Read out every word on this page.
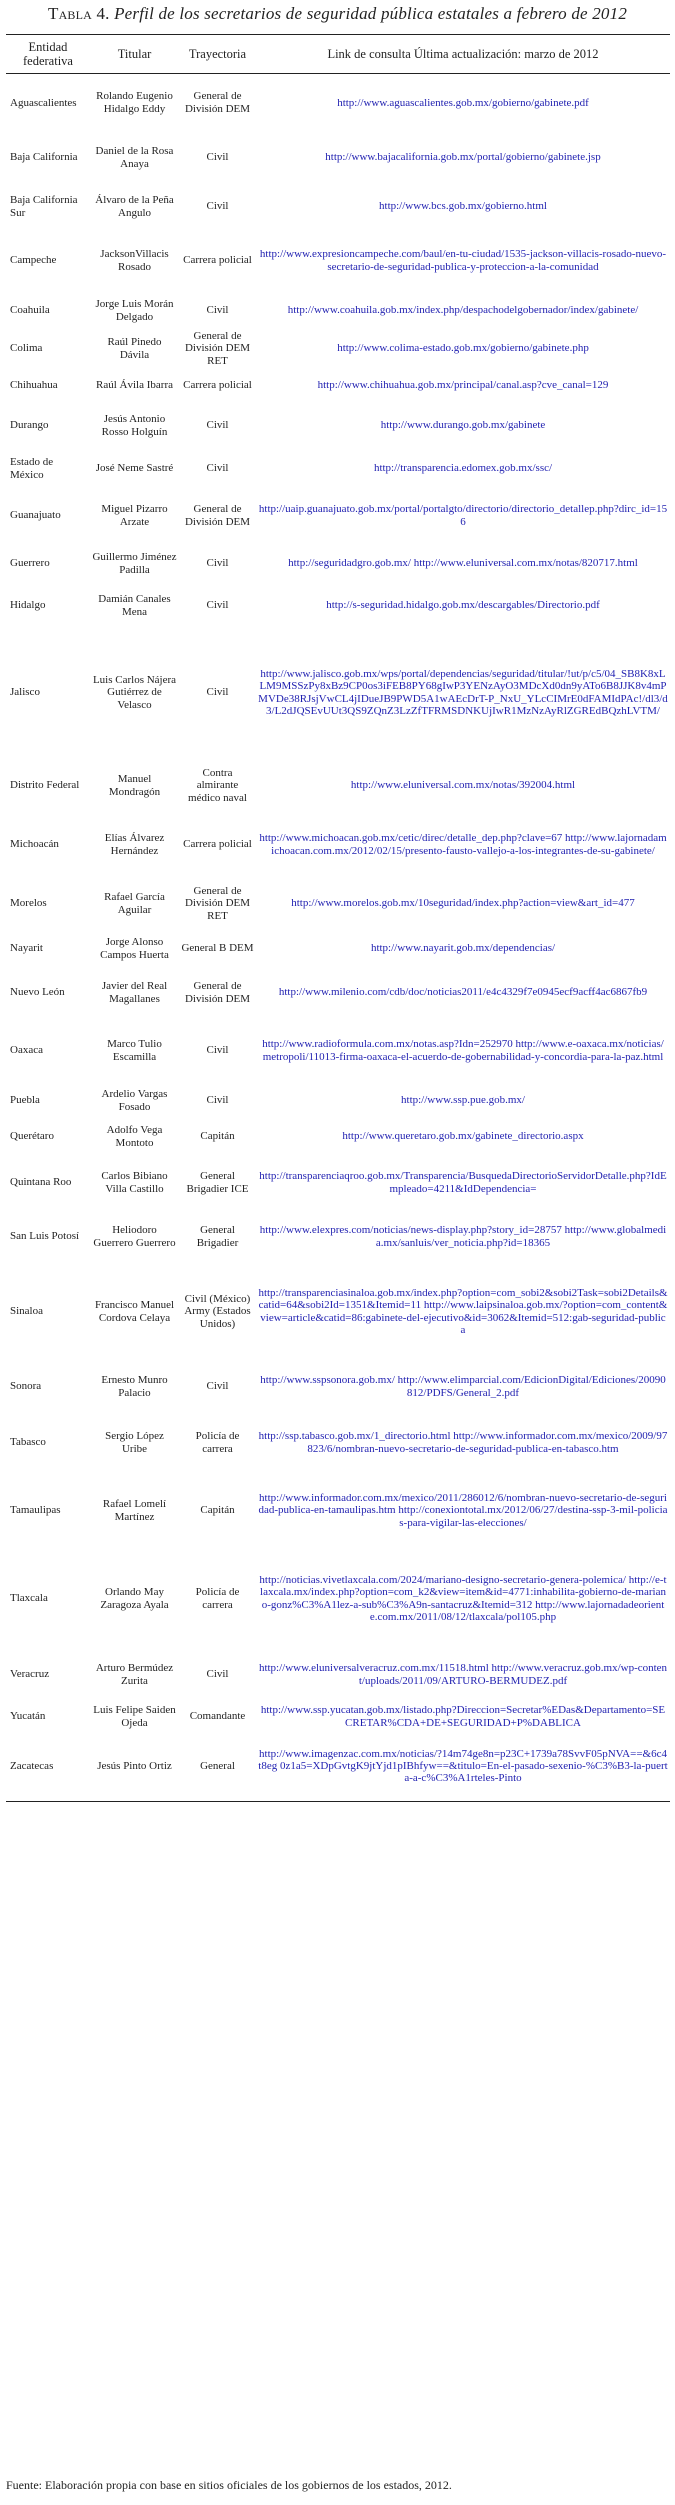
Tabla 4. Perfil de los secretarios de seguridad pública estatales a febrero de 2012
Entidad federativa	Titular	Trayectoria	Link de consulta Última actualización: marzo de 2012
Aguascalientes	Rolando Eugenio Hidalgo Eddy	General de División DEM	http://www.aguascalientes.gob.mx/gobierno/gabinete.pdf
Baja California	Daniel de la Rosa Anaya	Civil	http://www.bajacalifornia.gob.mx/portal/gobierno/gabinete.jsp
Baja California Sur	Álvaro de la Peña Angulo	Civil	http://www.bcs.gob.mx/gobierno.html
Campeche	JacksonVillacis Rosado	Carrera policial	http://www.expresioncampeche.com/baul/en-tu-ciudad/1535-jackson-villacis-rosado-nuevo-secretario-de-seguridad-publica-y-proteccion-a-la-comunidad
Coahuila	Jorge Luis Morán Delgado	Civil	http://www.coahuila.gob.mx/index.php/despachodelgobernador/index/gabinete/
Colima	Raúl Pinedo Dávila	General de División DEM RET	http://www.colima-estado.gob.mx/gobierno/gabinete.php
Chihuahua	Raúl Ávila Ibarra	Carrera policial	http://www.chihuahua.gob.mx/principal/canal.asp?cve_canal=129
Durango	Jesús Antonio Rosso Holguín	Civil	http://www.durango.gob.mx/gabinete
Estado de México	José Neme Sastré	Civil	http://transparencia.edomex.gob.mx/ssc/
Guanajuato	Miguel Pizarro Arzate	General de División DEM	http://uaip.guanajuato.gob.mx/portal/portalgto/directorio/directorio_detallep.php?dirc_id=156
Guerrero	Guillermo Jiménez Padilla	Civil	http://seguridadgro.gob.mx/ http://www.eluniversal.com.mx/notas/820717.html
Hidalgo	Damián Canales Mena	Civil	http://s-seguridad.hidalgo.gob.mx/descargables/Directorio.pdf
Jalisco	Luis Carlos Nájera Gutiérrez de Velasco	Civil	http://www.jalisco.gob.mx/wps/portal/dependencias/seguridad/titular/!ut/p/c5/04_SB8K8xLLM9MSSzPy8xBz9CP0os3iFEB8PY68gIwP3YENzAyO3MDcXd0dn9yATo6B8JJK8v4mPMVDe38RJsjVwCL4jIDueJB9PWD5A1wAEcDrT-P_NxU_YLcCIMrE0dFAMIdPAc!/dl3/d3/L2dJQSEvUUt3QS9ZQnZ3LzZfTFRMSDNKUjIwR1MzNzAyRlZGREdBQzhLVTM/
Distrito Federal	Manuel Mondragón	Contra almirante médico naval	http://www.eluniversal.com.mx/notas/392004.html
Michoacán	Elías Álvarez Hernández	Carrera policial	http://www.michoacan.gob.mx/cetic/direc/detalle_dep.php?clave=67 http://www.lajornadamichoacan.com.mx/2012/02/15/presento-fausto-vallejo-a-los-integrantes-de-su-gabinete/
Morelos	Rafael García Aguilar	General de División DEM RET	http://www.morelos.gob.mx/10seguridad/index.php?action=view&art_id=477
Nayarit	Jorge Alonso Campos Huerta	General B DEM	http://www.nayarit.gob.mx/dependencias/
Nuevo León	Javier del Real Magallanes	General de División DEM	http://www.milenio.com/cdb/doc/noticias2011/e4c4329f7e0945ecf9acff4ac6867fb9
Oaxaca	Marco Tulio Escamilla	Civil	http://www.radioformula.com.mx/notas.asp?Idn=252970 http://www.e-oaxaca.mx/noticias/metropoli/11013-firma-oaxaca-el-acuerdo-de-gobernabilidad-y-concordia-para-la-paz.html
Puebla	Ardelio Vargas Fosado	Civil	http://www.ssp.pue.gob.mx/
Querétaro	Adolfo Vega Montoto	Capitán	http://www.queretaro.gob.mx/gabinete_directorio.aspx
Quintana Roo	Carlos Bibiano Villa Castillo	General Brigadier ICE	http://transparenciaqroo.gob.mx/Transparencia/BusquedaDirectorioServidorDetalle.php?IdEmpleado=4211&IdDependencia=
San Luis Potosí	Heliodoro Guerrero Guerrero	General Brigadier	http://www.elexpres.com/noticias/news-display.php?story_id=28757 http://www.globalmedia.mx/sanluis/ver_noticia.php?id=18365
Sinaloa	Francisco Manuel Cordova Celaya	Civil (México) Army (Estados Unidos)	http://transparenciasinaloa.gob.mx/index.php?option=com_sobi2&sobi2Task=sobi2Details&catid=64&sobi2Id=1351&Itemid=11 http://www.laipsinaloa.gob.mx/?option=com_content&view=article&catid=86:gabinete-del-ejecutivo&id=3062&Itemid=512:gab-seguridad-publica
Sonora	Ernesto Munro Palacio	Civil	http://www.sspsonora.gob.mx/ http://www.elimparcial.com/EdicionDigital/Ediciones/20090812/PDFS/General_2.pdf
Tabasco	Sergio López Uribe	Policía de carrera	http://ssp.tabasco.gob.mx/1_directorio.html http://www.informador.com.mx/mexico/2009/97823/6/nombran-nuevo-secretario-de-seguridad-publica-en-tabasco.htm
Tamaulipas	Rafael Lomelí Martínez	Capitán	http://www.informador.com.mx/mexico/2011/286012/6/nombran-nuevo-secretario-de-seguridad-publica-en-tamaulipas.htm http://conexiontotal.mx/2012/06/27/destina-ssp-3-mil-policias-para-vigilar-las-elecciones/
Tlaxcala	Orlando May Zaragoza Ayala	Policía de carrera	http://noticias.vivetlaxcala.com/2024/mariano-designo-secretario-genera-polemica/ http://e-tlaxcala.mx/index.php?option=com_k2&view=item&id=4771:inhabilita-gobierno-de-mariano-gonz%C3%A1lez-a-sub%C3%A9n-santacruz&Itemid=312 http://www.lajornadadeoriente.com.mx/2011/08/12/tlaxcala/pol105.php
Veracruz	Arturo Bermúdez Zurita	Civil	http://www.eluniversalveracruz.com.mx/11518.html http://www.veracruz.gob.mx/wp-content/uploads/2011/09/ARTURO-BERMUDEZ.pdf
Yucatán	Luis Felipe Saiden Ojeda	Comandante	http://www.ssp.yucatan.gob.mx/listado.php?Direccion=Secretar%EDas&Departamento=SECRETAR%CDA+DE+SEGURIDAD+P%DABLICA
Zacatecas	Jesús Pinto Ortiz	General	http://www.imagenzac.com.mx/noticias/?14m74ge8n=p23C+1739a78SvvF05pNVA==&6c4t8eg 0z1a5=XDpGvtgK9jtYjd1pIBhfyw==&titulo=En-el-pasado-sexenio-%C3%B3-la-puerta-a-c%C3%A1rteles-Pinto
Fuente: Elaboración propia con base en sitios oficiales de los gobiernos de los estados, 2012.
